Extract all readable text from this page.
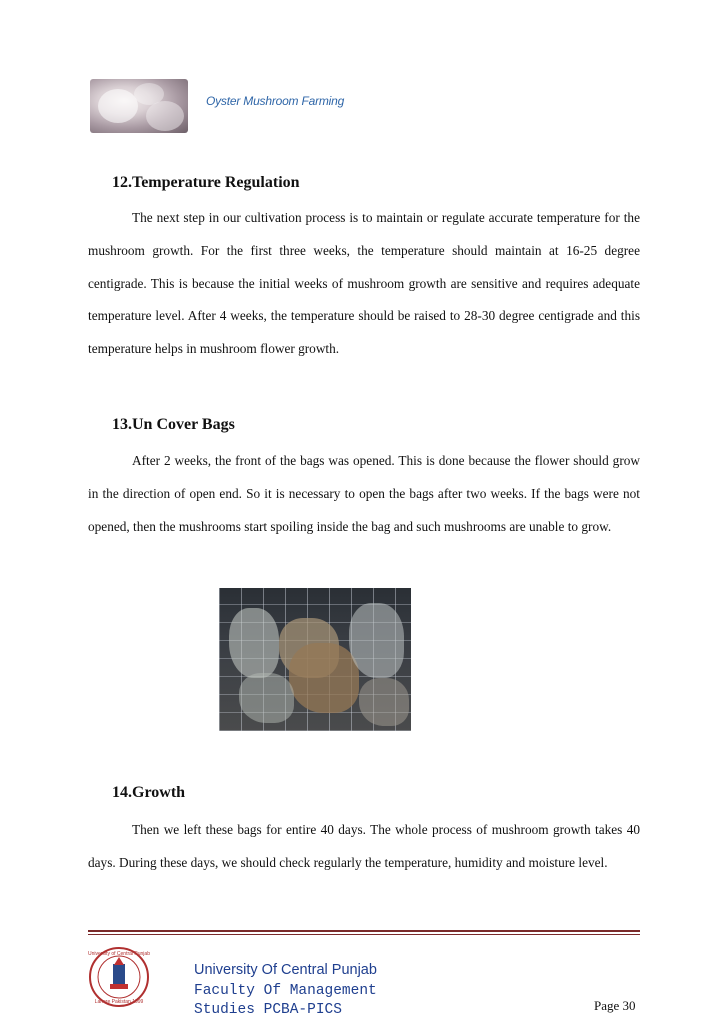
Oyster Mushroom Farming
12.Temperature Regulation

The next step in our cultivation process is to maintain or regulate accurate temperature for the mushroom growth. For the first three weeks, the temperature should maintain at 16-25 degree centigrade. This is because the initial weeks of mushroom growth are sensitive and requires adequate temperature level. After 4 weeks, the temperature should be raised to 28-30 degree centigrade and this temperature helps in mushroom flower growth.

13.Un Cover Bags

After 2 weeks, the front of the bags was opened. This is done because the flower should grow in the direction of open end. So it is necessary to open the bags after two weeks. If the bags were not opened, then the mushrooms start spoiling inside the bag and such mushrooms are unable to grow.

14.Growth

Then we left these bags for entire 40 days. The whole process of mushroom growth takes 40 days. During these days, we should check regularly the temperature, humidity and moisture level.

University of Central Punjab
Lahore Pakistan 1999
University Of Central Punjab
Faculty Of Management Studies PCBA-PICS	Page 30
